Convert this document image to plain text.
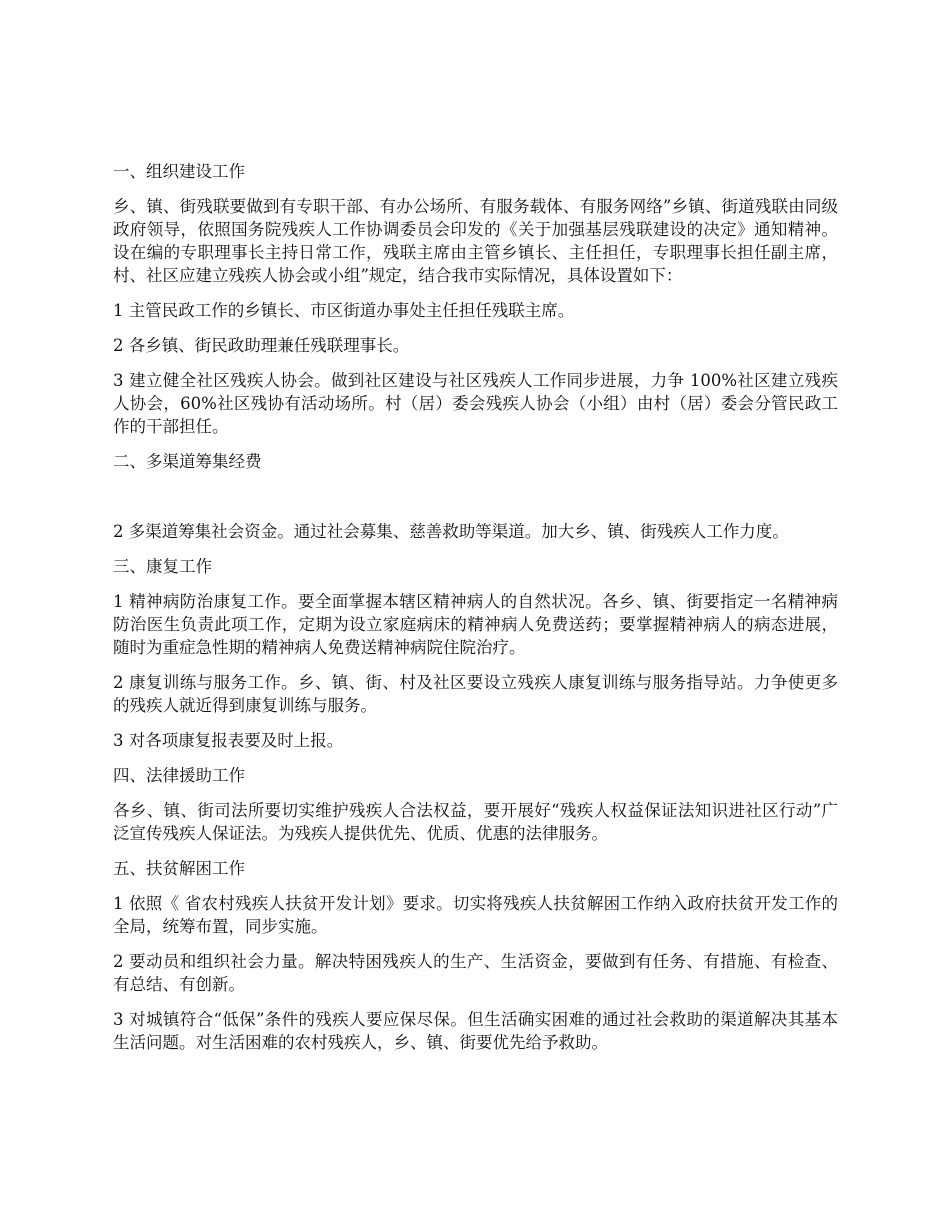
一、组织建设工作
乡、镇、街残联要做到有专职干部、有办公场所、有服务载体、有服务网络”乡镇、街道残联由同级政府领导，依照国务院残疾人工作协调委员会印发的《关于加强基层残联建设的决定》通知精神。设在编的专职理事长主持日常工作，残联主席由主管乡镇长、主任担任，专职理事长担任副主席，村、社区应建立残疾人协会或小组”规定，结合我市实际情况，具体设置如下：
1 主管民政工作的乡镇长、市区街道办事处主任担任残联主席。
2 各乡镇、街民政助理兼任残联理事长。
3 建立健全社区残疾人协会。做到社区建设与社区残疾人工作同步进展，力争 100%社区建立残疾人协会，60%社区残协有活动场所。村（居）委会残疾人协会（小组）由村（居）委会分管民政工作的干部担任。
二、多渠道筹集经费
2 多渠道筹集社会资金。通过社会募集、慈善救助等渠道。加大乡、镇、街残疾人工作力度。
三、康复工作
1 精神病防治康复工作。要全面掌握本辖区精神病人的自然状况。各乡、镇、街要指定一名精神病防治医生负责此项工作，定期为设立家庭病床的精神病人免费送药；要掌握精神病人的病态进展，随时为重症急性期的精神病人免费送精神病院住院治疗。
2 康复训练与服务工作。乡、镇、街、村及社区要设立残疾人康复训练与服务指导站。力争使更多的残疾人就近得到康复训练与服务。
3 对各项康复报表要及时上报。
四、法律援助工作
各乡、镇、街司法所要切实维护残疾人合法权益，要开展好“残疾人权益保证法知识进社区行动”广泛宣传残疾人保证法。为残疾人提供优先、优质、优惠的法律服务。
五、扶贫解困工作
1 依照《 省农村残疾人扶贫开发计划》要求。切实将残疾人扶贫解困工作纳入政府扶贫开发工作的全局，统筹布置，同步实施。
2 要动员和组织社会力量。解决特困残疾人的生产、生活资金，要做到有任务、有措施、有检查、有总结、有创新。
3 对城镇符合“低保”条件的残疾人要应保尽保。但生活确实困难的通过社会救助的渠道解决其基本生活问题。对生活困难的农村残疾人，乡、镇、街要优先给予救助。
